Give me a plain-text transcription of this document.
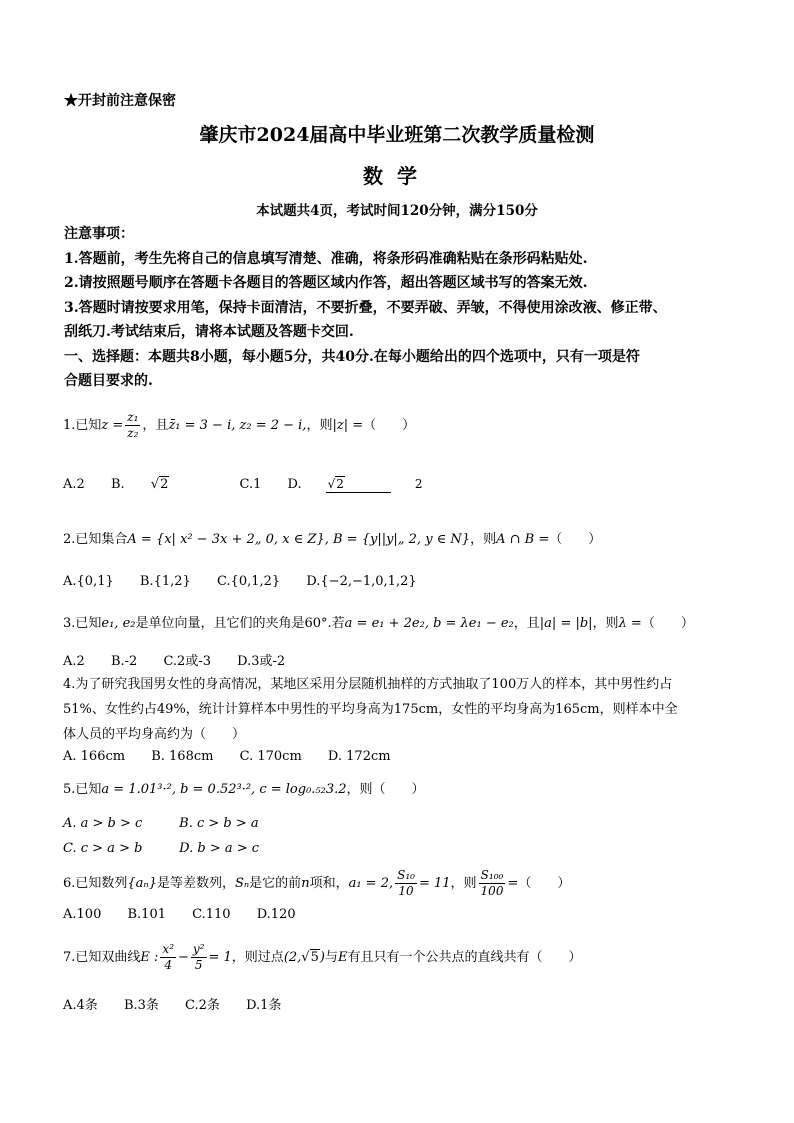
★开封前注意保密
肇庆市2024届高中毕业班第二次教学质量检测
数学
本试题共4页，考试时间120分钟，满分150分
注意事项：
1.答题前，考生先将自己的信息填写清楚、准确，将条形码准确粘贴在条形码粘贴处.
2.请按照题号顺序在答题卡各题目的答题区域内作答，超出答题区域书写的答案无效.
3.答题时请按要求用笔，保持卡面清洁，不要折叠，不要弄破、弄皱，不得使用涂改液、修正带、
刮纸刀.考试结束后，请将本试题及答题卡交回.
一、选择题：本题共8小题，每小题5分，共40分.在每小题给出的四个选项中，只有一项是符
合题目要求的.
1.已知$z = \frac{\text{z₁}}{\text{z₂}}$ ，且z̄₁ = 3 − i, z₂ = 2 − i,，则|z| =（　　）
A.2 B. √2	C.1 D. √2	2
2.已知集合A = {x| x² − 3x + 2„ 0, x ∈ Z}, B = {y||y|„ 2, y ∈ N}，则A ∩ B =（　　）
A.{0,1} B.{1,2} C.{0,1,2} D.{−2,−1,0,1,2}
3.已知e₁, e₂是单位向量，且它们的夹角是60°.若a = e₁ + 2e₂, b = λe₁ − e₂，且|a| = |b|，则λ =（　　）
A.2 B.-2 C.2或-3 D.3或-2
4.为了研究我国男女性的身高情况，某地区采用分层随机抽样的方式抽取了100万人的样本，其中男性约占
51%、女性约占49%，统计计算样本中男性的平均身高为175cm，女性的平均身高为165cm，则样本中全
体人员的平均身高约为（　　）
A. 166cm B. 168cm C. 170cm D. 172cm
5.已知a = 1.01³·², b = 0.52³·², c = log₀.₅₂3.2，则（　　）
A. a > b > c	B. c > b > a
C. c > a > b	D. b > a > c
6.已知数列{aₙ}是等差数列，Sₙ是它的前n项和，a₁ = 2, $\frac{\text{S₁₀}}{10} = 11$，则 $\frac{\text{S₁₀₀}}{100}$ =（　　）
A.100 B.101 C.110 D.120
7.已知双曲线E : $\frac{\text{x²}}{4} - \frac{\text{y²}}{5} = 1$，则过点(2,√5)与E有且只有一个公共点的直线共有（　　）
A.4条 B.3条 C.2条 D.1条
